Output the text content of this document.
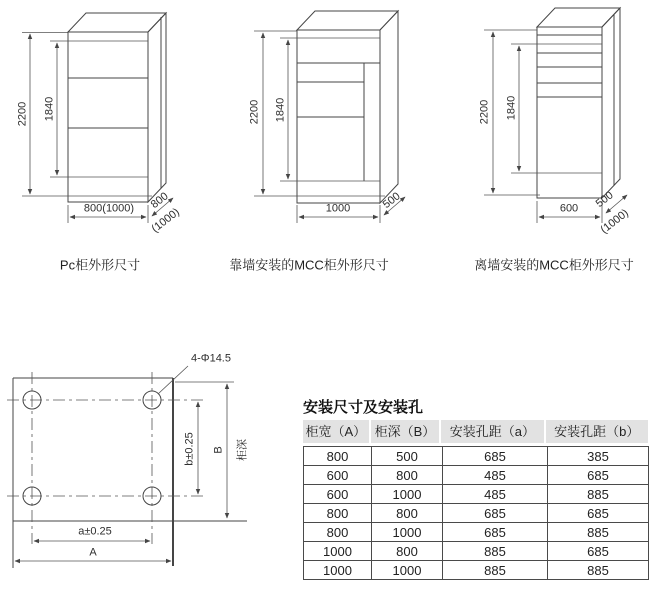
2200 1840
800(1000) 800
(1000)
Pc柜外形尺寸
2200 1840
1000	500
靠墙安装的MCC柜外形尺寸
2200 1840
600 500
(1000)
离墙安装的MCC柜外形尺寸
4-Φ14.5
b±0.25 B 柜深
a±0.25
A
安装尺寸及安装孔
柜宽（A） 柜深（B）	安装孔距（a）	安装孔距（b）
800	500	685	385
600	800	485	685
600	1000	485	885
800	800	685	685
800	1000	685	885
1000	800	885	685
1000	1000	885	885
